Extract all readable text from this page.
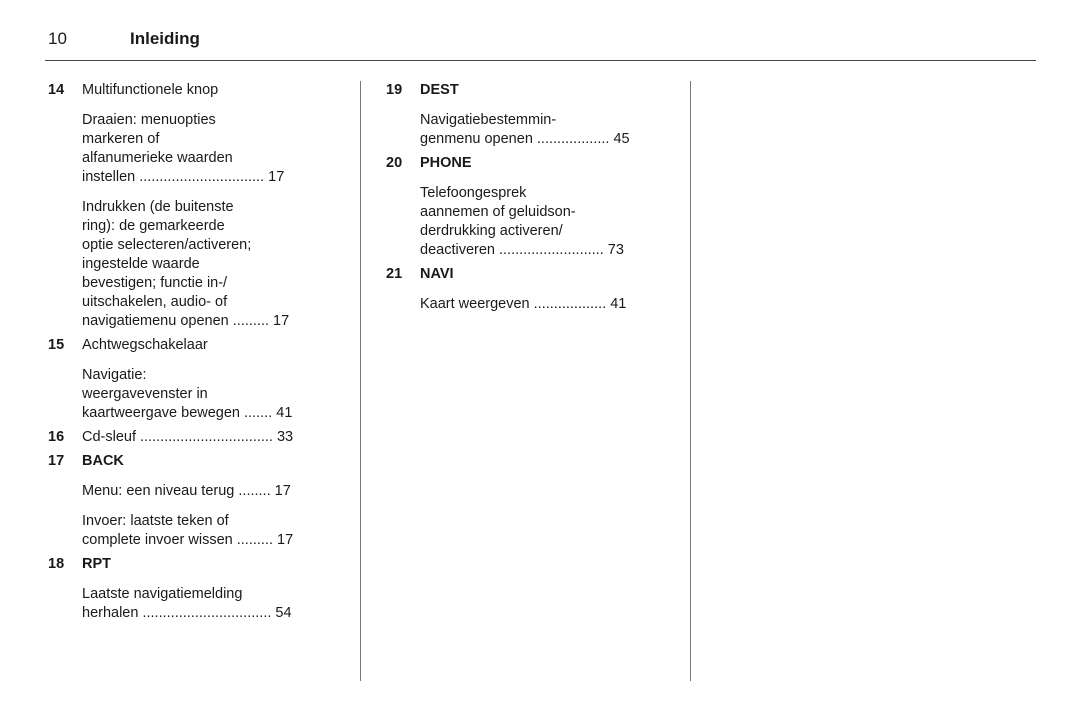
10	Inleiding
14	Multifunctionele knop
Draaien: menuopties
markeren of
alfanumerieke waarden
instellen ............................... 17
Indrukken (de buitenste
ring): de gemarkeerde
optie selecteren/activeren;
ingestelde waarde
bevestigen; functie in-/
uitschakelen, audio- of
navigatiemenu openen ......... 17
15	Achtwegschakelaar
Navigatie:
weergavevenster in
kaartweergave bewegen ....... 41
16	Cd-sleuf ................................. 33
17	BACK
Menu: een niveau terug ........ 17
Invoer: laatste teken of
complete invoer wissen ......... 17
18	RPT
Laatste navigatiemelding
herhalen ................................ 54
19	DEST
Navigatiebestemmin-
genmenu openen .................. 45
20	PHONE
Telefoongesprek
aannemen of geluidson-
derdrukking activeren/
deactiveren .......................... 73
21	NAVI
Kaart weergeven .................. 41
